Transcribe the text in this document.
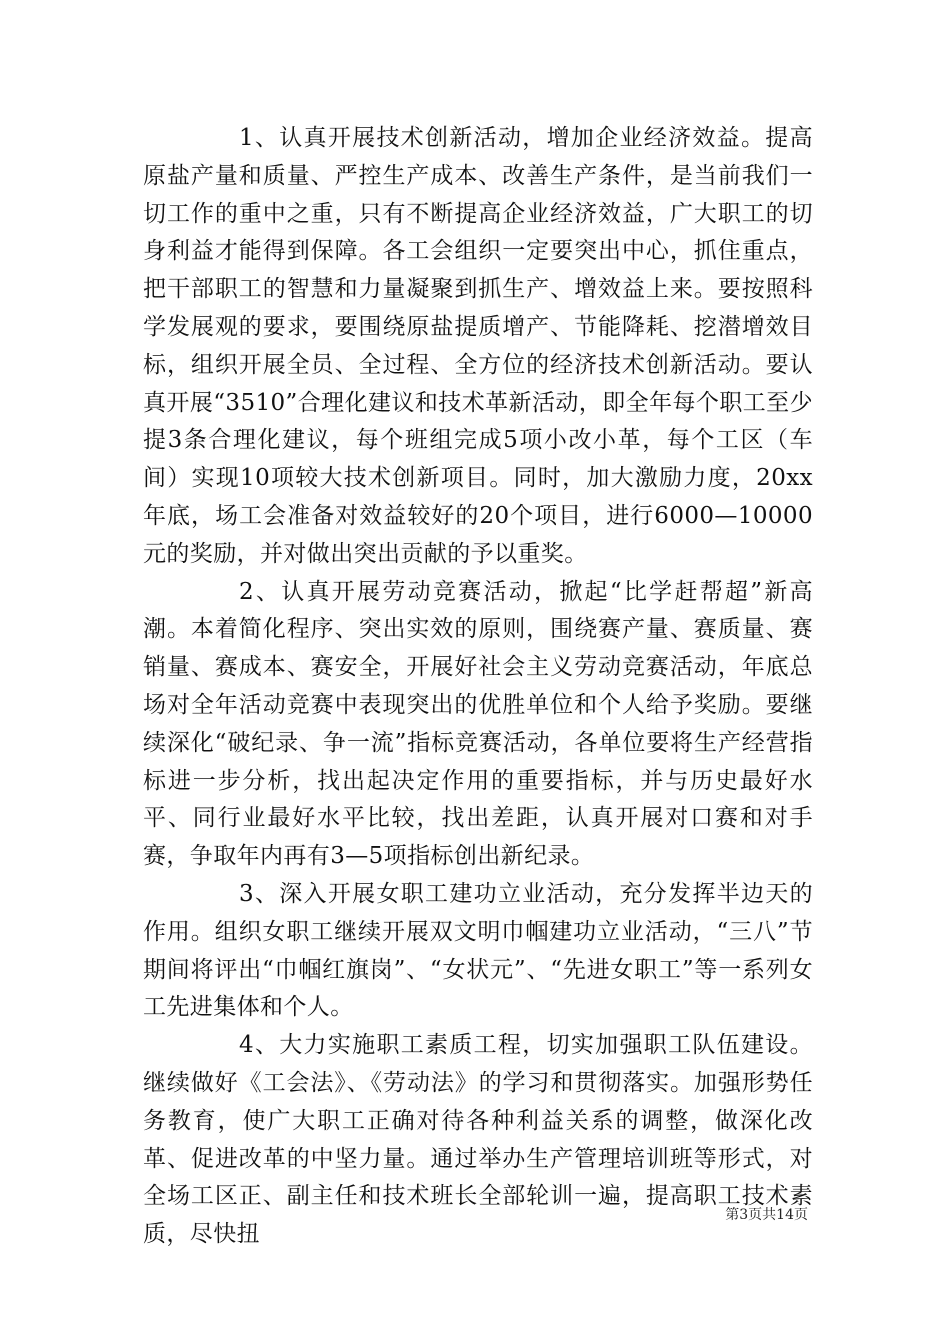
1、认真开展技术创新活动，增加企业经济效益。提高原盐产量和质量、严控生产成本、改善生产条件，是当前我们一切工作的重中之重，只有不断提高企业经济效益，广大职工的切身利益才能得到保障。各工会组织一定要突出中心，抓住重点，把干部职工的智慧和力量凝聚到抓生产、增效益上来。要按照科学发展观的要求，要围绕原盐提质增产、节能降耗、挖潜增效目标，组织开展全员、全过程、全方位的经济技术创新活动。要认真开展“3510”合理化建议和技术革新活动，即全年每个职工至少提3条合理化建议，每个班组完成5项小改小革，每个工区（车间）实现10项较大技术创新项目。同时，加大激励力度，20xx年底，场工会准备对效益较好的20个项目，进行6000—10000元的奖励，并对做出突出贡献的予以重奖。

2、认真开展劳动竞赛活动，掀起“比学赶帮超”新高潮。本着简化程序、突出实效的原则，围绕赛产量、赛质量、赛销量、赛成本、赛安全，开展好社会主义劳动竞赛活动，年底总场对全年活动竞赛中表现突出的优胜单位和个人给予奖励。要继续深化“破纪录、争一流”指标竞赛活动，各单位要将生产经营指标进一步分析，找出起决定作用的重要指标，并与历史最好水平、同行业最好水平比较，找出差距，认真开展对口赛和对手赛，争取年内再有3—5项指标创出新纪录。

3、深入开展女职工建功立业活动，充分发挥半边天的作用。组织女职工继续开展双文明巾帼建功立业活动，“三八”节期间将评出“巾帼红旗岗”、“女状元”、“先进女职工”等一系列女工先进集体和个人。

4、大力实施职工素质工程，切实加强职工队伍建设。继续做好《工会法》、《劳动法》的学习和贯彻落实。加强形势任务教育，使广大职工正确对待各种利益关系的调整，做深化改革、促进改革的中坚力量。通过举办生产管理培训班等形式，对全场工区正、副主任和技术班长全部轮训一遍，提高职工技术素质，尽快扭

第3页共14页
